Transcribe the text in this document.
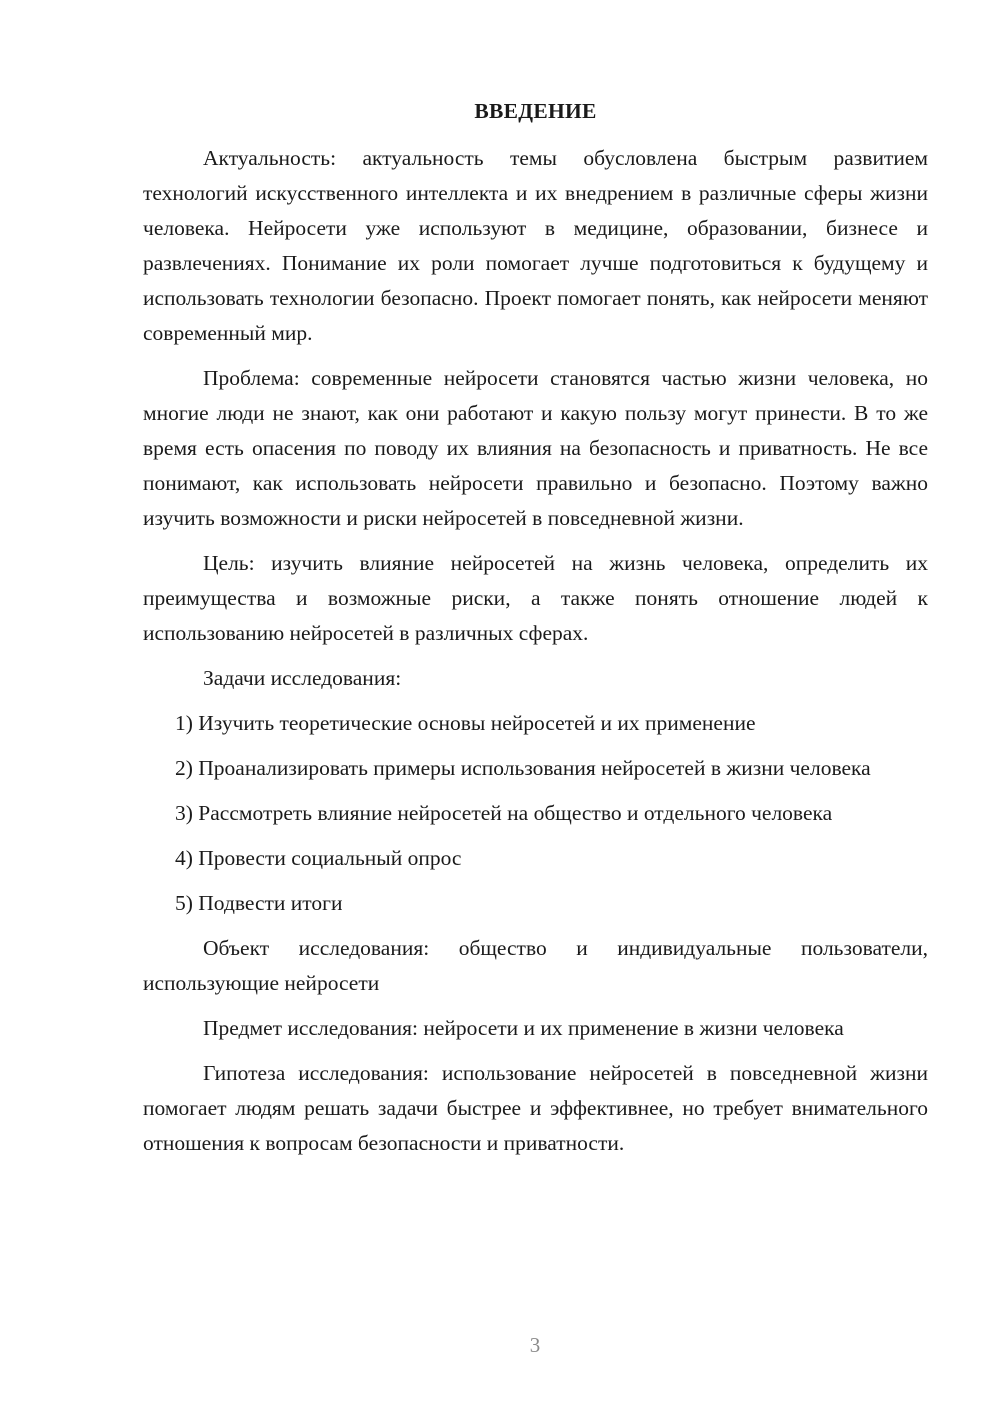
ВВЕДЕНИЕ

Актуальность: актуальность темы обусловлена быстрым развитием технологий искусственного интеллекта и их внедрением в различные сферы жизни человека. Нейросети уже используют в медицине, образовании, бизнесе и развлечениях. Понимание их роли помогает лучше подготовиться к будущему и использовать технологии безопасно. Проект помогает понять, как нейросети меняют современный мир.

Проблема: современные нейросети становятся частью жизни человека, но многие люди не знают, как они работают и какую пользу могут принести. В то же время есть опасения по поводу их влияния на безопасность и приватность. Не все понимают, как использовать нейросети правильно и безопасно. Поэтому важно изучить возможности и риски нейросетей в повседневной жизни.

Цель: изучить влияние нейросетей на жизнь человека, определить их преимущества и возможные риски, а также понять отношение людей к использованию нейросетей в различных сферах.

Задачи исследования:

1) Изучить теоретические основы нейросетей и их применение

2) Проанализировать примеры использования нейросетей в жизни человека

3) Рассмотреть влияние нейросетей на общество и отдельного человека

4) Провести социальный опрос

5) Подвести итоги

Объект исследования: общество и индивидуальные пользователи, использующие нейросети

Предмет исследования: нейросети и их применение в жизни человека

Гипотеза исследования: использование нейросетей в повседневной жизни помогает людям решать задачи быстрее и эффективнее, но требует внимательного отношения к вопросам безопасности и приватности.

3
